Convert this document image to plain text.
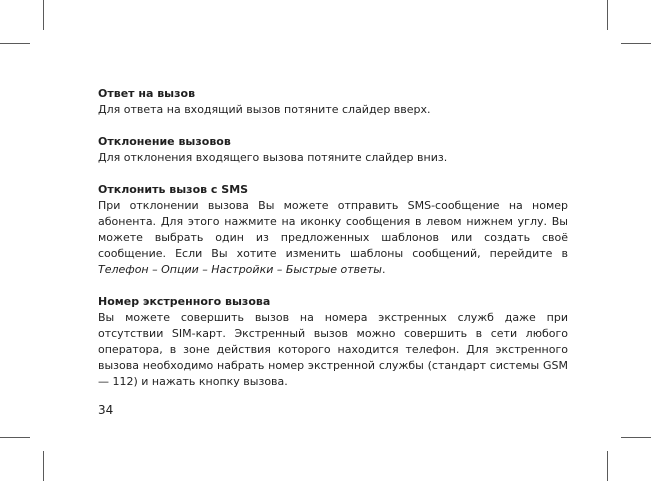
Ответ на вызов

Для ответа на входящий вызов потяните слайдер вверх.

Отклонение вызовов

Для отклонения входящего вызова потяните слайдер вниз.

Отклонить вызов с SMS

При отклонении вызова Вы можете отправить SMS-сообщение на номер абонента. Для этого нажмите на иконку сообщения в левом нижнем углу. Вы можете выбрать один из предложенных шаблонов или создать своё сообщение. Если Вы хотите изменить шаблоны сообщений, перейдите в Телефон – Опции – Настройки – Быстрые ответы.

Номер экстренного вызова

Вы можете совершить вызов на номера экстренных служб даже при отсутствии SIM-карт. Экстренный вызов можно совершить в сети любого оператора, в зоне действия которого находится телефон. Для экстренного вызова необходимо набрать номер экстренной службы (стандарт системы GSM — 112) и нажать кнопку вызова.

34
